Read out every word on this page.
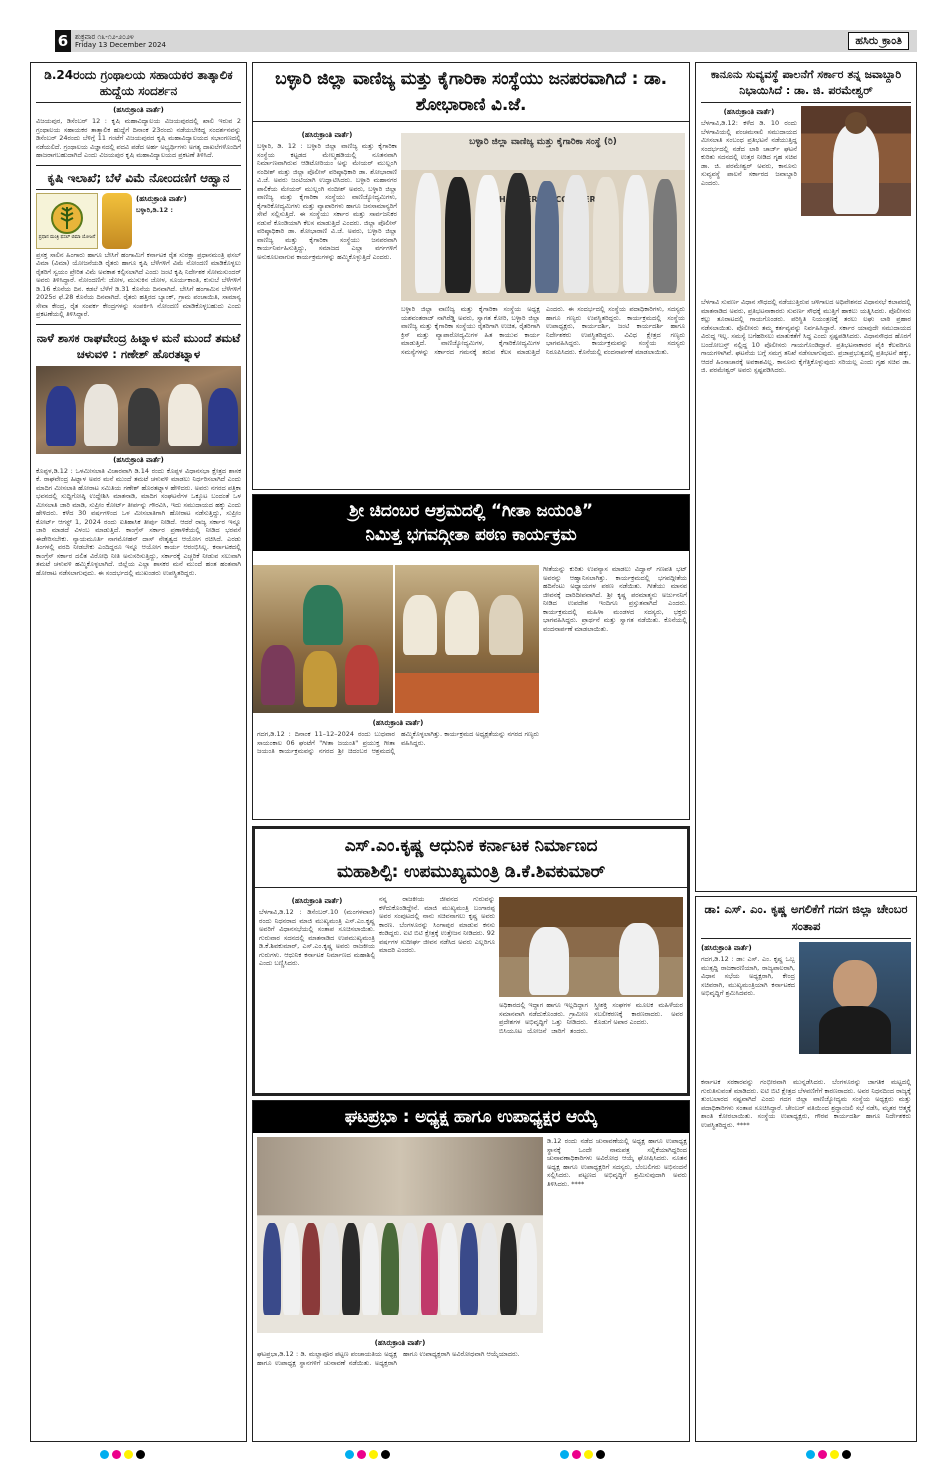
6 ಶುಕ್ರವಾರ ೧೩-೧೨-೨೦೨೪
Friday 13 December 2024	ಹಸಿರು ಕ್ರಾಂತಿ
ಡಿ.24ರಂದು ಗ್ರಂಥಾಲಯ ಸಹಾಯಕರ ತಾತ್ಕಾಲಿಕ ಹುದ್ದೆಯ ಸಂದರ್ಶನ
(ಹಸಿರುಕ್ರಾಂತಿ ವಾರ್ತೆ)
ವಿಜಯಪುರ, ಡಿಸೆಂಬರ್ 12 : ಕೃಷಿ ಮಹಾವಿದ್ಯಾಲಯ ವಿಜಯಪುರದಲ್ಲಿ ಖಾಲಿ ಇರುವ 2 ಗ್ರಂಥಾಲಯ ಸಹಾಯಕರ ತಾತ್ಕಾಲಿಕ ಹುದ್ದೆಗೆ ದಿನಾಂಕ 23ರಂದು ನಡೆಯಬೇಕಿದ್ದ ಸಂದರ್ಶನವನ್ನು ಡಿಸೆಂಬರ್ 24ರಂದು ಬೆಳಿಗ್ಗೆ 11 ಗಂಟೆಗೆ ವಿಜಯಪುರದ ಕೃಷಿ ಮಹಾವಿದ್ಯಾಲಯದ ಸಭಾಂಗಣದಲ್ಲಿ ನಡೆಯಲಿದೆ. ಗ್ರಂಥಾಲಯ ವಿಜ್ಞಾನದಲ್ಲಿ ಪದವಿ ಪಡೆದ ಅರ್ಹ ಅಭ್ಯರ್ಥಿಗಳು ಅಗತ್ಯ ದಾಖಲೆಗಳೊಂದಿಗೆ ಹಾಜರಾಗಬಹುದಾಗಿದೆ ಎಂದು ವಿಜಯಪುರ ಕೃಷಿ ಮಹಾವಿದ್ಯಾಲಯದ ಪ್ರಕಟಣೆ ತಿಳಿಸಿದೆ.
ಕೃಷಿ ಇಲಾಖೆ; ಬೆಳೆ ವಿಮೆ ನೋಂದಣಿಗೆ ಆಹ್ವಾನ
ಪ್ರಧಾನ ಮಂತ್ರಿ ಫಸಲ್ ಬಿಮಾ ಯೋಜನೆ
(ಹಸಿರುಕ್ರಾಂತಿ ವಾರ್ತೆ)
ಬಳ್ಳಾರಿ,ಡಿ.12 :
ಪ್ರಸಕ್ತ ಸಾಲಿನ ಹಿಂಗಾರು ಹಾಗೂ ಬೇಸಿಗೆ ಹಂಗಾಮಿಗೆ ಕರ್ನಾಟಕ ರೈತ ಸುರಕ್ಷಾ ಪ್ರಧಾನಮಂತ್ರಿ ಫಸಲ್ ವಿಮಾ (ವಿಮಾ) ಯೋಜನೆಯಡಿ ರೈತರು ಹಾಗೂ ಕೃಷಿ ಬೆಳೆಗಳಿಗೆ ವಿಮೆ ನೋಂದಣಿ ಮಾಡಿಕೊಳ್ಳಲು ರೈತರಿಗೆ ಸ್ವಯಂ ಪ್ರೇರಿತ ವಿಮೆ ಅವಕಾಶ ಕಲ್ಪಿಸಲಾಗಿದೆ ಎಂದು ಜಂಟಿ ಕೃಷಿ ನಿರ್ದೇಶಕ ಸೋಮಸುಂದರ್ ಅವರು ತಿಳಿಸಿದ್ದಾರೆ. ನೋಂದಣಿಗೆ: ಜೋಳ, ಮುಸುಕಿನ ಜೋಳ, ಸೂರ್ಯಕಾಂತಿ, ಕುಸುಬೆ ಬೆಳೆಗಳಿಗೆ ಡಿ.16 ಕೊನೆಯ ದಿನ. ಕಡಲೆ ಬೆಳೆಗೆ ಡಿ.31 ಕೊನೆಯ ದಿನವಾಗಿದೆ. ಬೇಸಿಗೆ ಹಂಗಾಮಿನ ಬೆಳೆಗಳಿಗೆ 2025ರ ಫೆ.28 ಕೊನೆಯ ದಿನವಾಗಿದೆ. ರೈತರು ಹತ್ತಿರದ ಬ್ಯಾಂಕ್, ಗ್ರಾಮ ಪಂಚಾಯಿತಿ, ಸಾಮಾನ್ಯ ಸೇವಾ ಕೇಂದ್ರ, ರೈತ ಸಂಪರ್ಕ ಕೇಂದ್ರಗಳನ್ನು ಸಂಪರ್ಕಿಸಿ ನೋಂದಣಿ ಮಾಡಿಕೊಳ್ಳಬಹುದು ಎಂದು ಪ್ರಕಟಣೆಯಲ್ಲಿ ತಿಳಿಸಿದ್ದಾರೆ.
ನಾಳೆ ಶಾಸಕ ರಾಘವೇಂದ್ರ ಹಿಟ್ನಾಳ ಮನೆ ಮುಂದೆ ತಮಟೆ ಚಳುವಳಿ : ಗಣೇಶ್ ಹೊರತಟ್ನಾಳ
(ಹಸಿರುಕ್ರಾಂತಿ ವಾರ್ತೆ)
ಕೊಪ್ಪಳ,ಡಿ.12 : ಒಳಮೀಸಲಾತಿ ವಿಚಾರವಾಗಿ ಡಿ.14 ರಂದು ಕೊಪ್ಪಳ ವಿಧಾನಸಭಾ ಕ್ಷೇತ್ರದ ಶಾಸಕ ಕೆ. ರಾಘವೇಂದ್ರ ಹಿಟ್ನಾಳ ಅವರ ಮನೆ ಮುಂದೆ ತಮಟೆ ಚಳುವಳಿ ಮಾಡಲು ನಿರ್ಧರಿಸಲಾಗಿದೆ ಎಂದು ಮಾದಿಗ ಮೀಸಲಾತಿ ಹೋರಾಟ ಸಮಿತಿಯ ಗಣೇಶ್ ಹೊರತಟ್ನಾಳ ಹೇಳಿದರು. ಅವರು ನಗರದ ಪತ್ರಿಕಾ ಭವನದಲ್ಲಿ ಸುದ್ದಿಗೋಷ್ಠಿ ಉದ್ದೇಶಿಸಿ ಮಾತನಾಡಿ, ಮಾದಿಗ ಸಂಘಟನೆಗಳ ಒಕ್ಕೂಟ ಬಂದಂತೆ ಒಳ ಮೀಸಲಾತಿ ಜಾರಿ ಮಾಡಿ, ಸುಪ್ರೀಂ ಕೋರ್ಟ್ ತೀರ್ಪನ್ನು ಗೌರವಿಸಿ, ಇದು ಸಮುದಾಯದ ಹಕ್ಕು ಎಂದು ಹೇಳಿದರು. ಕಳೆದ 30 ವರ್ಷಗಳಿಂದ ಒಳ ಮೀಸಲಾತಿಗಾಗಿ ಹೋರಾಟ ನಡೆಸುತ್ತಿದ್ದು, ಸುಪ್ರೀಂ ಕೋರ್ಟ್ ಆಗಸ್ಟ್ 1, 2024 ರಂದು ಐತಿಹಾಸಿಕ ತೀರ್ಪು ನೀಡಿದೆ. ಆದರೆ ರಾಜ್ಯ ಸರ್ಕಾರ ಇನ್ನೂ ಜಾರಿ ಮಾಡದೆ ವಿಳಂಬ ಮಾಡುತ್ತಿದೆ. ಕಾಂಗ್ರೆಸ್ ಸರ್ಕಾರ ಪ್ರಣಾಳಿಕೆಯಲ್ಲಿ ನೀಡಿದ ಭರವಸೆ ಈಡೇರಿಸಬೇಕು. ನ್ಯಾಯಮೂರ್ತಿ ನಾಗಮೋಹನ್ ದಾಸ್ ನೇತೃತ್ವದ ಆಯೋಗ ರಚಿಸಿದೆ. ಎರಡು ತಿಂಗಳಲ್ಲಿ ವರದಿ ನೀಡಬೇಕು ಎಂದಿದ್ದರೂ ಇನ್ನೂ ಆಯೋಗ ಕಾರ್ಯ ಆರಂಭಿಸಿಲ್ಲ. ಕರ್ನಾಟಕದಲ್ಲಿ ಕಾಂಗ್ರೆಸ್ ಸರ್ಕಾರ ದಲಿತ ವಿರೋಧಿ ನೀತಿ ಅನುಸರಿಸುತ್ತಿದ್ದು, ಸರ್ಕಾರಕ್ಕೆ ಎಚ್ಚರಿಕೆ ನೀಡುವ ಸಲುವಾಗಿ ತಮಟೆ ಚಳುವಳಿ ಹಮ್ಮಿಕೊಳ್ಳಲಾಗಿದೆ. ಜಿಲ್ಲೆಯ ಎಲ್ಲಾ ಶಾಸಕರ ಮನೆ ಮುಂದೆ ಹಂತ ಹಂತವಾಗಿ ಹೋರಾಟ ನಡೆಸಲಾಗುವುದು. ಈ ಸಂದರ್ಭದಲ್ಲಿ ಮುಖಂಡರು ಉಪಸ್ಥಿತರಿದ್ದರು.
ಬಳ್ಳಾರಿ ಜಿಲ್ಲಾ ವಾಣಿಜ್ಯ ಮತ್ತು ಕೈಗಾರಿಕಾ ಸಂಸ್ಥೆಯು ಜನಪರವಾಗಿದೆ : ಡಾ. ಶೋಭಾರಾಣಿ ವಿ.ಜೆ.
(ಹಸಿರುಕ್ರಾಂತಿ ವಾರ್ತೆ)
ಬಳ್ಳಾರಿ, ಡಿ. 12 : ಬಳ್ಳಾರಿ ಜಿಲ್ಲಾ ವಾಣಿಜ್ಯ ಮತ್ತು ಕೈಗಾರಿಕಾ ಸಂಸ್ಥೆಯ ಕಟ್ಟಡದ ಮೇಲ್ಮಹಡಿಯಲ್ಲಿ ನೂತನವಾಗಿ ನಿರ್ಮಾಣವಾಗಿರುವ ಆಡಿಟೋರಿಯಂ ಅನ್ನು ಮೇಯರ್ ಮುಲ್ಲಂಗಿ ನಂದೀಶ್ ಮತ್ತು ಜಿಲ್ಲಾ ಪೊಲೀಸ್ ವರಿಷ್ಠಾಧಿಕಾರಿ ಡಾ. ಶೋಭಾರಾಣಿ ವಿ.ಜೆ. ಅವರು ಜಂಟಿಯಾಗಿ ಉದ್ಘಾಟಿಸಿದರು. ಬಳ್ಳಾರಿ ಮಹಾನಗರ ಪಾಲಿಕೆಯ ಮೇಯರ್ ಮುಲ್ಲಂಗಿ ನಂದೀಶ್ ಅವರು, ಬಳ್ಳಾರಿ ಜಿಲ್ಲಾ ವಾಣಿಜ್ಯ ಮತ್ತು ಕೈಗಾರಿಕಾ ಸಂಸ್ಥೆಯು ವಾಣಿಜ್ಯೋದ್ಯಮಿಗಳು, ಕೈಗಾರಿಕೋದ್ಯಮಿಗಳು ಮತ್ತು ವ್ಯಾಪಾರಿಗಳು ಹಾಗೂ ಜನಸಾಮಾನ್ಯರಿಗೆ ಸೇವೆ ಸಲ್ಲಿಸುತ್ತಿದೆ. ಈ ಸಂಸ್ಥೆಯು ಸರ್ಕಾರ ಮತ್ತು ಸಾರ್ವಜನಿಕರ ನಡುವೆ ಕೊಂಡಿಯಾಗಿ ಕೆಲಸ ಮಾಡುತ್ತಿದೆ ಎಂದರು. ಜಿಲ್ಲಾ ಪೊಲೀಸ್ ವರಿಷ್ಠಾಧಿಕಾರಿ ಡಾ. ಶೋಭಾರಾಣಿ ವಿ.ಜೆ. ಅವರು, ಬಳ್ಳಾರಿ ಜಿಲ್ಲಾ ವಾಣಿಜ್ಯ ಮತ್ತು ಕೈಗಾರಿಕಾ ಸಂಸ್ಥೆಯು ಜನಪರವಾಗಿ ಕಾರ್ಯನಿರ್ವಹಿಸುತ್ತಿದ್ದು, ಸಮಾಜದ ಎಲ್ಲಾ ವರ್ಗಗಳಿಗೆ ಅನುಕೂಲವಾಗುವ ಕಾರ್ಯಕ್ರಮಗಳನ್ನು ಹಮ್ಮಿಕೊಳ್ಳುತ್ತಿದೆ ಎಂದರು.
ಬಳ್ಳಾರಿ ಜಿಲ್ಲಾ ವಾಣಿಜ್ಯ ಮತ್ತು ಕೈಗಾರಿಕಾ ಸಂಸ್ಥೆ (ರಿ)
ಬಳ್ಳಾರಿ ಜಿಲ್ಲಾ ವಾಣಿಜ್ಯ ಮತ್ತು ಕೈಗಾರಿಕಾ ಸಂಸ್ಥೆಯ ಅಧ್ಯಕ್ಷ ಯಶವಂತರಾಜ್ ನಾಗಿರೆಡ್ಡಿ ಅವರು, ಸ್ವಾಗತ ಕೋರಿ, ಬಳ್ಳಾರಿ ಜಿಲ್ಲಾ ವಾಣಿಜ್ಯ ಮತ್ತು ಕೈಗಾರಿಕಾ ಸಂಸ್ಥೆಯು ರೈತರಿಗಾಗಿ ಉಚಿತ, ರೈತರಿಗಾಗಿ ಕ್ರಿಸ್ ಮತ್ತು ವ್ಯಾಪಾರೋದ್ಯಮಿಗಳ ಹಿತ ಕಾಯುವ ಕಾರ್ಯ ಮಾಡುತ್ತಿದೆ. ವಾಣಿಜ್ಯೋದ್ಯಮಿಗಳ, ಕೈಗಾರಿಕೋದ್ಯಮಿಗಳ ಸಮಸ್ಯೆಗಳನ್ನು ಸರ್ಕಾರದ ಗಮನಕ್ಕೆ ತರುವ ಕೆಲಸ ಮಾಡುತ್ತಿದೆ ಎಂದರು. ಈ ಸಂದರ್ಭದಲ್ಲಿ ಸಂಸ್ಥೆಯ ಪದಾಧಿಕಾರಿಗಳು, ಸದಸ್ಯರು ಹಾಗೂ ಗಣ್ಯರು ಉಪಸ್ಥಿತರಿದ್ದರು. ಕಾರ್ಯಕ್ರಮದಲ್ಲಿ ಸಂಸ್ಥೆಯ ಉಪಾಧ್ಯಕ್ಷರು, ಕಾರ್ಯದರ್ಶಿ, ಜಂಟಿ ಕಾರ್ಯದರ್ಶಿ ಹಾಗೂ ನಿರ್ದೇಶಕರು ಉಪಸ್ಥಿತರಿದ್ದರು. ವಿವಿಧ ಕ್ಷೇತ್ರದ ಗಣ್ಯರು ಭಾಗವಹಿಸಿದ್ದರು. ಕಾರ್ಯಕ್ರಮವನ್ನು ಸಂಸ್ಥೆಯ ಸದಸ್ಯರು ನಿರೂಪಿಸಿದರು. ಕೊನೆಯಲ್ಲಿ ವಂದನಾರ್ಪಣೆ ಮಾಡಲಾಯಿತು.
ಶ್ರೀ ಚಿದಂಬರ ಆಶ್ರಮದಲ್ಲಿ “ಗೀತಾ ಜಯಂತಿ”
ನಿಮಿತ್ತ ಭಗವದ್ಗೀತಾ ಪಠಣ ಕಾರ್ಯಕ್ರಮ
ಗೀತೆಯನ್ನು ಕುರಿತು ಉಪನ್ಯಾಸ ಮಾಡಲು ವಿದ್ವಾನ್ ಗಣಪತಿ ಭಟ್ ಅವರನ್ನು ಆಹ್ವಾನಿಸಲಾಗಿತ್ತು. ಕಾರ್ಯಕ್ರಮದಲ್ಲಿ ಭಗವದ್ಗೀತೆಯ ಹದಿನೆಂಟು ಅಧ್ಯಾಯಗಳ ಪಠಣ ನಡೆಯಿತು. ಗೀತೆಯು ಮಾನವ ಜೀವನಕ್ಕೆ ದಾರಿದೀಪವಾಗಿದೆ. ಶ್ರೀ ಕೃಷ್ಣ ಪರಮಾತ್ಮನು ಅರ್ಜುನನಿಗೆ ನೀಡಿದ ಉಪದೇಶ ಇಂದಿಗೂ ಪ್ರಸ್ತುತವಾಗಿದೆ ಎಂದರು. ಕಾರ್ಯಕ್ರಮದಲ್ಲಿ ಮಹಿಳಾ ಮಂಡಳದ ಸದಸ್ಯರು, ಭಕ್ತರು ಭಾಗವಹಿಸಿದ್ದರು. ಪ್ರಾರ್ಥನೆ ಮತ್ತು ಸ್ವಾಗತ ನಡೆಯಿತು. ಕೊನೆಯಲ್ಲಿ ವಂದನಾರ್ಪಣೆ ಮಾಡಲಾಯಿತು.
(ಹಸಿರುಕ್ರಾಂತಿ ವಾರ್ತೆ)
ಗದಗ,ಡಿ.12 : ದಿನಾಂಕ 11–12–2024 ರಂದು ಬುಧವಾರ ಸಾಯಂಕಾಲ 06 ಘಂಟೆಗೆ "ಗೀತಾ ಜಯಂತಿ" ಪ್ರಯುಕ್ತ ಗೀತಾ ಜಯಂತಿ ಕಾರ್ಯಕ್ರಮವನ್ನು ನಗರದ ಶ್ರೀ ಚಿದಂಬರ ಆಶ್ರಮದಲ್ಲಿ ಹಮ್ಮಿಕೊಳ್ಳಲಾಗಿತ್ತು. ಕಾರ್ಯಕ್ರಮದ ಅಧ್ಯಕ್ಷತೆಯನ್ನು ನಗರದ ಗಣ್ಯರು ವಹಿಸಿದ್ದರು.
ಎಸ್.ಎಂ.ಕೃಷ್ಣ ಆಧುನಿಕ ಕರ್ನಾಟಕ ನಿರ್ಮಾಣದ
ಮಹಾಶಿಲ್ಪಿ: ಉಪಮುಖ್ಯಮಂತ್ರಿ ಡಿ.ಕೆ.ಶಿವಕುಮಾರ್
(ಹಸಿರುಕ್ರಾಂತಿ ವಾರ್ತೆ)
ಬೆಳಗಾವಿ,ಡಿ.12 : ಡಿಸೆಂಬರ್.10 (ಮಂಗಳವಾರ) ರಂದು ನಿಧನರಾದ ಮಾಜಿ ಮುಖ್ಯಮಂತ್ರಿ ಎಸ್.ಎಂ.ಕೃಷ್ಣ ಅವರಿಗೆ ವಿಧಾನಸಭೆಯಲ್ಲಿ ಸಂತಾಪ ಸೂಚಿಸಲಾಯಿತು. ಗುರುವಾರ ಸದನದಲ್ಲಿ ಮಾತನಾಡಿದ ಉಪಮುಖ್ಯಮಂತ್ರಿ ಡಿ.ಕೆ.ಶಿವಕುಮಾರ್, ಎಸ್.ಎಂ.ಕೃಷ್ಣ ಅವರು ರಾಜಕೀಯ ಗುರುಗಳು. ಆಧುನಿಕ ಕರ್ನಾಟಕ ನಿರ್ಮಾಣದ ಮಹಾಶಿಲ್ಪಿ ಎಂದು ಬಣ್ಣಿಸಿದರು.
ನನ್ನ ರಾಜಕೀಯ ಜೀವನದ ಗುರುವನ್ನು ಕಳೆದುಕೊಂಡಿದ್ದೇನೆ. ಮಾಜಿ ಮುಖ್ಯಮಂತ್ರಿ ಬಂಗಾರಪ್ಪ ಅವರ ಸಂಪುಟದಲ್ಲಿ ನಾನು ಸಚಿವನಾಗಲು ಕೃಷ್ಣ ಅವರು ಕಾರಣ. ಬೆಂಗಳೂರನ್ನು ಸಿಂಗಾಪುರ ಮಾಡುವ ಕನಸು ಕಂಡಿದ್ದರು. ಐಟಿ ಬಿಟಿ ಕ್ಷೇತ್ರಕ್ಕೆ ಉತ್ತೇಜನ ನೀಡಿದರು. 92 ವರ್ಷಗಳ ಸುದೀರ್ಘ ಜೀವನ ನಡೆಸಿದ ಅವರು ಎಲ್ಲರಿಗೂ ಮಾದರಿ ಎಂದರು.
ಅಧಿಕಾರದಲ್ಲಿ ಇದ್ದಾಗ ಹಾಗೂ ಇಲ್ಲದಿದ್ದಾಗ ಸಮಾನವಾಗಿ ನಡೆದುಕೊಂಡರು. ಗ್ರಾಮೀಣ ಪ್ರದೇಶಗಳ ಅಭಿವೃದ್ಧಿಗೆ ಒತ್ತು ನೀಡಿದರು. ಬಿಸಿಯೂಟ ಯೋಜನೆ ಜಾರಿಗೆ ತಂದರು. ಸ್ತ್ರೀಶಕ್ತಿ ಸಂಘಗಳ ಮೂಲಕ ಮಹಿಳೆಯರ ಸಬಲೀಕರಣಕ್ಕೆ ಕಾರಣರಾದರು. ಅವರ ಕೊಡುಗೆ ಅಪಾರ ಎಂದರು.
ಘಟಪ್ರಭಾ : ಅಧ್ಯಕ್ಷ ಹಾಗೂ ಉಪಾಧ್ಯಕ್ಷರ ಆಯ್ಕೆ
ಡಿ.12 ರಂದು ನಡೆದ ಚುನಾವಣೆಯಲ್ಲಿ ಅಧ್ಯಕ್ಷ ಹಾಗೂ ಉಪಾಧ್ಯಕ್ಷ ಸ್ಥಾನಕ್ಕೆ ಒಂದೇ ನಾಮಪತ್ರ ಸಲ್ಲಿಕೆಯಾಗಿದ್ದರಿಂದ ಚುನಾವಣಾಧಿಕಾರಿಗಳು ಅವಿರೋಧ ಆಯ್ಕೆ ಘೋಷಿಸಿದರು. ನೂತನ ಅಧ್ಯಕ್ಷ ಹಾಗೂ ಉಪಾಧ್ಯಕ್ಷರಿಗೆ ಸದಸ್ಯರು, ಬೆಂಬಲಿಗರು ಅಭಿನಂದನೆ ಸಲ್ಲಿಸಿದರು. ಪಟ್ಟಣದ ಅಭಿವೃದ್ಧಿಗೆ ಶ್ರಮಿಸುವುದಾಗಿ ಅವರು ತಿಳಿಸಿದರು. ****
(ಹಸಿರುಕ್ರಾಂತಿ ವಾರ್ತೆ)
ಘಟಪ್ರಭಾ,ಡಿ.12 : ಡಿ. ಮಲ್ಲಾಪೂರ ಪಟ್ಟಣ ಪಂಚಾಯತಿಯ ಅಧ್ಯಕ್ಷ ಹಾಗೂ ಉಪಾಧ್ಯಕ್ಷ ಸ್ಥಾನಗಳಿಗೆ ಚುನಾವಣೆ ನಡೆಯಿತು. ಅಧ್ಯಕ್ಷರಾಗಿ ಹಾಗೂ ಉಪಾಧ್ಯಕ್ಷರಾಗಿ ಅವಿರೋಧವಾಗಿ ಆಯ್ಕೆಯಾದರು.
ಕಾನೂನು ಸುವ್ಯವಸ್ಥೆ ಪಾಲನೆಗೆ ಸರ್ಕಾರ ತನ್ನ ಜವಾಬ್ದಾರಿ ನಿಭಾಯಿಸಿದೆ : ಡಾ. ಜಿ. ಪರಮೇಶ್ವರ್
(ಹಸಿರುಕ್ರಾಂತಿ ವಾರ್ತೆ)
ಬೆಳಗಾವಿ,ಡಿ.12: ಕಳೆದ ಡಿ. 10 ರಂದು ಬೆಳಗಾವಿಯಲ್ಲಿ ಪಂಚಮಸಾಲಿ ಸಮುದಾಯದ ಮೀಸಲಾತಿ ಸಂಬಂಧ ಪ್ರತಿಭಟನೆ ನಡೆಯುತ್ತಿದ್ದ ಸಂದರ್ಭದಲ್ಲಿ ನಡೆದ ಲಾಠಿ ಚಾರ್ಜ್ ಘಟನೆ ಕುರಿತು ಸದನದಲ್ಲಿ ಉತ್ತರ ನೀಡಿದ ಗೃಹ ಸಚಿವ ಡಾ. ಜಿ. ಪರಮೇಶ್ವರ್ ಅವರು, ಕಾನೂನು ಸುವ್ಯವಸ್ಥೆ ಪಾಲನೆ ಸರ್ಕಾರದ ಜವಾಬ್ದಾರಿ ಎಂದರು.
ಬೆಳಗಾವಿ ಸುವರ್ಣ ವಿಧಾನ ಸೌಧದಲ್ಲಿ ನಡೆಯುತ್ತಿರುವ ಚಳಿಗಾಲದ ಅಧಿವೇಶನದ ವಿಧಾನಸಭೆ ಕಲಾಪದಲ್ಲಿ ಮಾತನಾಡಿದ ಅವರು, ಪ್ರತಿಭಟನಾಕಾರರು ಸುವರ್ಣ ಸೌಧಕ್ಕೆ ಮುತ್ತಿಗೆ ಹಾಕಲು ಯತ್ನಿಸಿದರು. ಪೊಲೀಸರು ಕಲ್ಲು ತೂರಾಟದಲ್ಲಿ ಗಾಯಗೊಂಡರು. ಪರಿಸ್ಥಿತಿ ನಿಯಂತ್ರಣಕ್ಕೆ ತರಲು ಲಘು ಲಾಠಿ ಪ್ರಹಾರ ನಡೆಸಲಾಯಿತು. ಪೊಲೀಸರು ತಮ್ಮ ಕರ್ತವ್ಯವನ್ನು ನಿರ್ವಹಿಸಿದ್ದಾರೆ. ಸರ್ಕಾರ ಯಾವುದೇ ಸಮುದಾಯದ ವಿರುದ್ಧ ಇಲ್ಲ. ಸಮಸ್ಯೆ ಬಗೆಹರಿಸಲು ಮಾತುಕತೆಗೆ ಸಿದ್ಧ ಎಂದು ಸ್ಪಷ್ಟಪಡಿಸಿದರು. ವಿಧಾನಸೌಧದ ಹೊರಗೆ ಬಂದೋಬಸ್ತ್ ನಲ್ಲಿದ್ದ 10 ಪೊಲೀಸರು ಗಾಯಗೊಂಡಿದ್ದಾರೆ. ಪ್ರತಿಭಟನಾಕಾರರ ಪೈಕಿ ಕೆಲವರಿಗೂ ಗಾಯಗಳಾಗಿವೆ. ಘಟನೆಯ ಬಗ್ಗೆ ಸಮಗ್ರ ತನಿಖೆ ನಡೆಸಲಾಗುವುದು. ಪ್ರಜಾಪ್ರಭುತ್ವದಲ್ಲಿ ಪ್ರತಿಭಟನೆ ಹಕ್ಕು, ಆದರೆ ಹಿಂಸಾಚಾರಕ್ಕೆ ಅವಕಾಶವಿಲ್ಲ. ಕಾನೂನು ಕೈಗೆತ್ತಿಕೊಳ್ಳುವುದು ಸರಿಯಲ್ಲ ಎಂದು ಗೃಹ ಸಚಿವ ಡಾ. ಜಿ. ಪರಮೇಶ್ವರ್ ಅವರು ಸ್ಪಷ್ಟಪಡಿಸಿದರು.
ಡಾ: ಎಸ್. ಎಂ. ಕೃಷ್ಣ ಅಗಲಿಕೆಗೆ ಗದಗ ಜಿಲ್ಲಾ ಚೇಂಬರ ಸಂತಾಪ
(ಹಸಿರುಕ್ರಾಂತಿ ವಾರ್ತೆ)
ಗದಗ,ಡಿ.12 : ಡಾ: ಎಸ್. ಎಂ. ಕೃಷ್ಣ ಒಬ್ಬ ಮುತ್ಸದ್ದಿ ರಾಜಕಾರಣಿಯಾಗಿ, ರಾಜ್ಯಪಾಲರಾಗಿ, ವಿಧಾನ ಸಭೆಯ ಅಧ್ಯಕ್ಷರಾಗಿ, ಕೇಂದ್ರ ಸಚಿವರಾಗಿ, ಮುಖ್ಯಮಂತ್ರಿಯಾಗಿ ಕರ್ನಾಟಕದ ಅಭಿವೃದ್ಧಿಗೆ ಶ್ರಮಿಸಿದವರು.
ಕರ್ನಾಟಕ ಸರಕಾರವನ್ನು ಗಂಭೀರವಾಗಿ ಮುನ್ನಡೆಸಿದರು. ಬೆಂಗಳೂರನ್ನು ಜಾಗತಿಕ ಮಟ್ಟದಲ್ಲಿ ಗುರುತಿಸುವಂತೆ ಮಾಡಿದರು. ಐಟಿ ಬಿಟಿ ಕ್ಷೇತ್ರದ ಬೆಳವಣಿಗೆಗೆ ಕಾರಣರಾದರು. ಅವರ ನಿಧನದಿಂದ ರಾಜ್ಯಕ್ಕೆ ತುಂಬಲಾರದ ನಷ್ಟವಾಗಿದೆ ಎಂದು ಗದಗ ಜಿಲ್ಲಾ ವಾಣಿಜ್ಯೋದ್ಯಮ ಸಂಸ್ಥೆಯ ಅಧ್ಯಕ್ಷರು ಮತ್ತು ಪದಾಧಿಕಾರಿಗಳು ಸಂತಾಪ ಸೂಚಿಸಿದ್ದಾರೆ. ಚೇಂಬರ್ ವತಿಯಿಂದ ಶ್ರದ್ಧಾಂಜಲಿ ಸಭೆ ನಡೆಸಿ, ಮೃತರ ಆತ್ಮಕ್ಕೆ ಶಾಂತಿ ಕೋರಲಾಯಿತು. ಸಂಸ್ಥೆಯ ಉಪಾಧ್ಯಕ್ಷರು, ಗೌರವ ಕಾರ್ಯದರ್ಶಿ ಹಾಗೂ ನಿರ್ದೇಶಕರು ಉಪಸ್ಥಿತರಿದ್ದರು. ****
